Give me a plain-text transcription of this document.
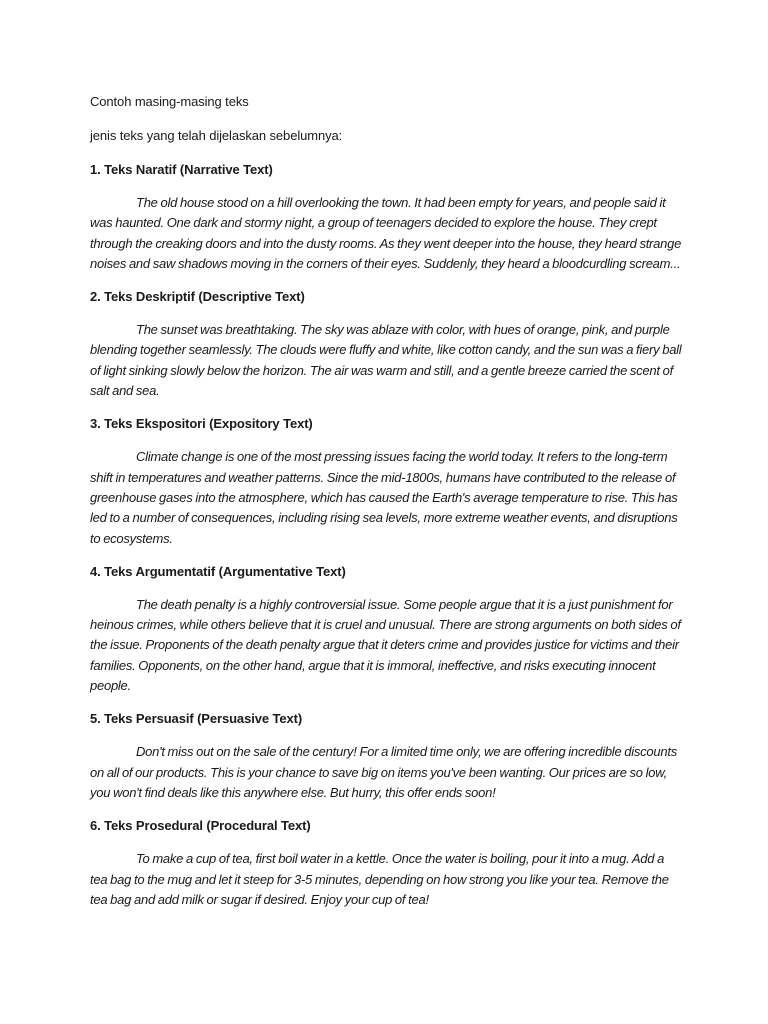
Contoh masing-masing teks

jenis teks yang telah dijelaskan sebelumnya:

1. Teks Naratif (Narrative Text)

The old house stood on a hill overlooking the town. It had been empty for years, and people said it was haunted. One dark and stormy night, a group of teenagers decided to explore the house. They crept through the creaking doors and into the dusty rooms. As they went deeper into the house, they heard strange noises and saw shadows moving in the corners of their eyes. Suddenly, they heard a bloodcurdling scream...

2. Teks Deskriptif (Descriptive Text)

The sunset was breathtaking. The sky was ablaze with color, with hues of orange, pink, and purple blending together seamlessly. The clouds were fluffy and white, like cotton candy, and the sun was a fiery ball of light sinking slowly below the horizon. The air was warm and still, and a gentle breeze carried the scent of salt and sea.

3. Teks Ekspositori (Expository Text)

Climate change is one of the most pressing issues facing the world today. It refers to the long-term shift in temperatures and weather patterns. Since the mid-1800s, humans have contributed to the release of greenhouse gases into the atmosphere, which has caused the Earth's average temperature to rise. This has led to a number of consequences, including rising sea levels, more extreme weather events, and disruptions to ecosystems.

4. Teks Argumentatif (Argumentative Text)

The death penalty is a highly controversial issue. Some people argue that it is a just punishment for heinous crimes, while others believe that it is cruel and unusual. There are strong arguments on both sides of the issue. Proponents of the death penalty argue that it deters crime and provides justice for victims and their families. Opponents, on the other hand, argue that it is immoral, ineffective, and risks executing innocent people.

5. Teks Persuasif (Persuasive Text)

Don't miss out on the sale of the century! For a limited time only, we are offering incredible discounts on all of our products. This is your chance to save big on items you've been wanting. Our prices are so low, you won't find deals like this anywhere else. But hurry, this offer ends soon!

6. Teks Prosedural (Procedural Text)

To make a cup of tea, first boil water in a kettle. Once the water is boiling, pour it into a mug. Add a tea bag to the mug and let it steep for 3-5 minutes, depending on how strong you like your tea. Remove the tea bag and add milk or sugar if desired. Enjoy your cup of tea!
